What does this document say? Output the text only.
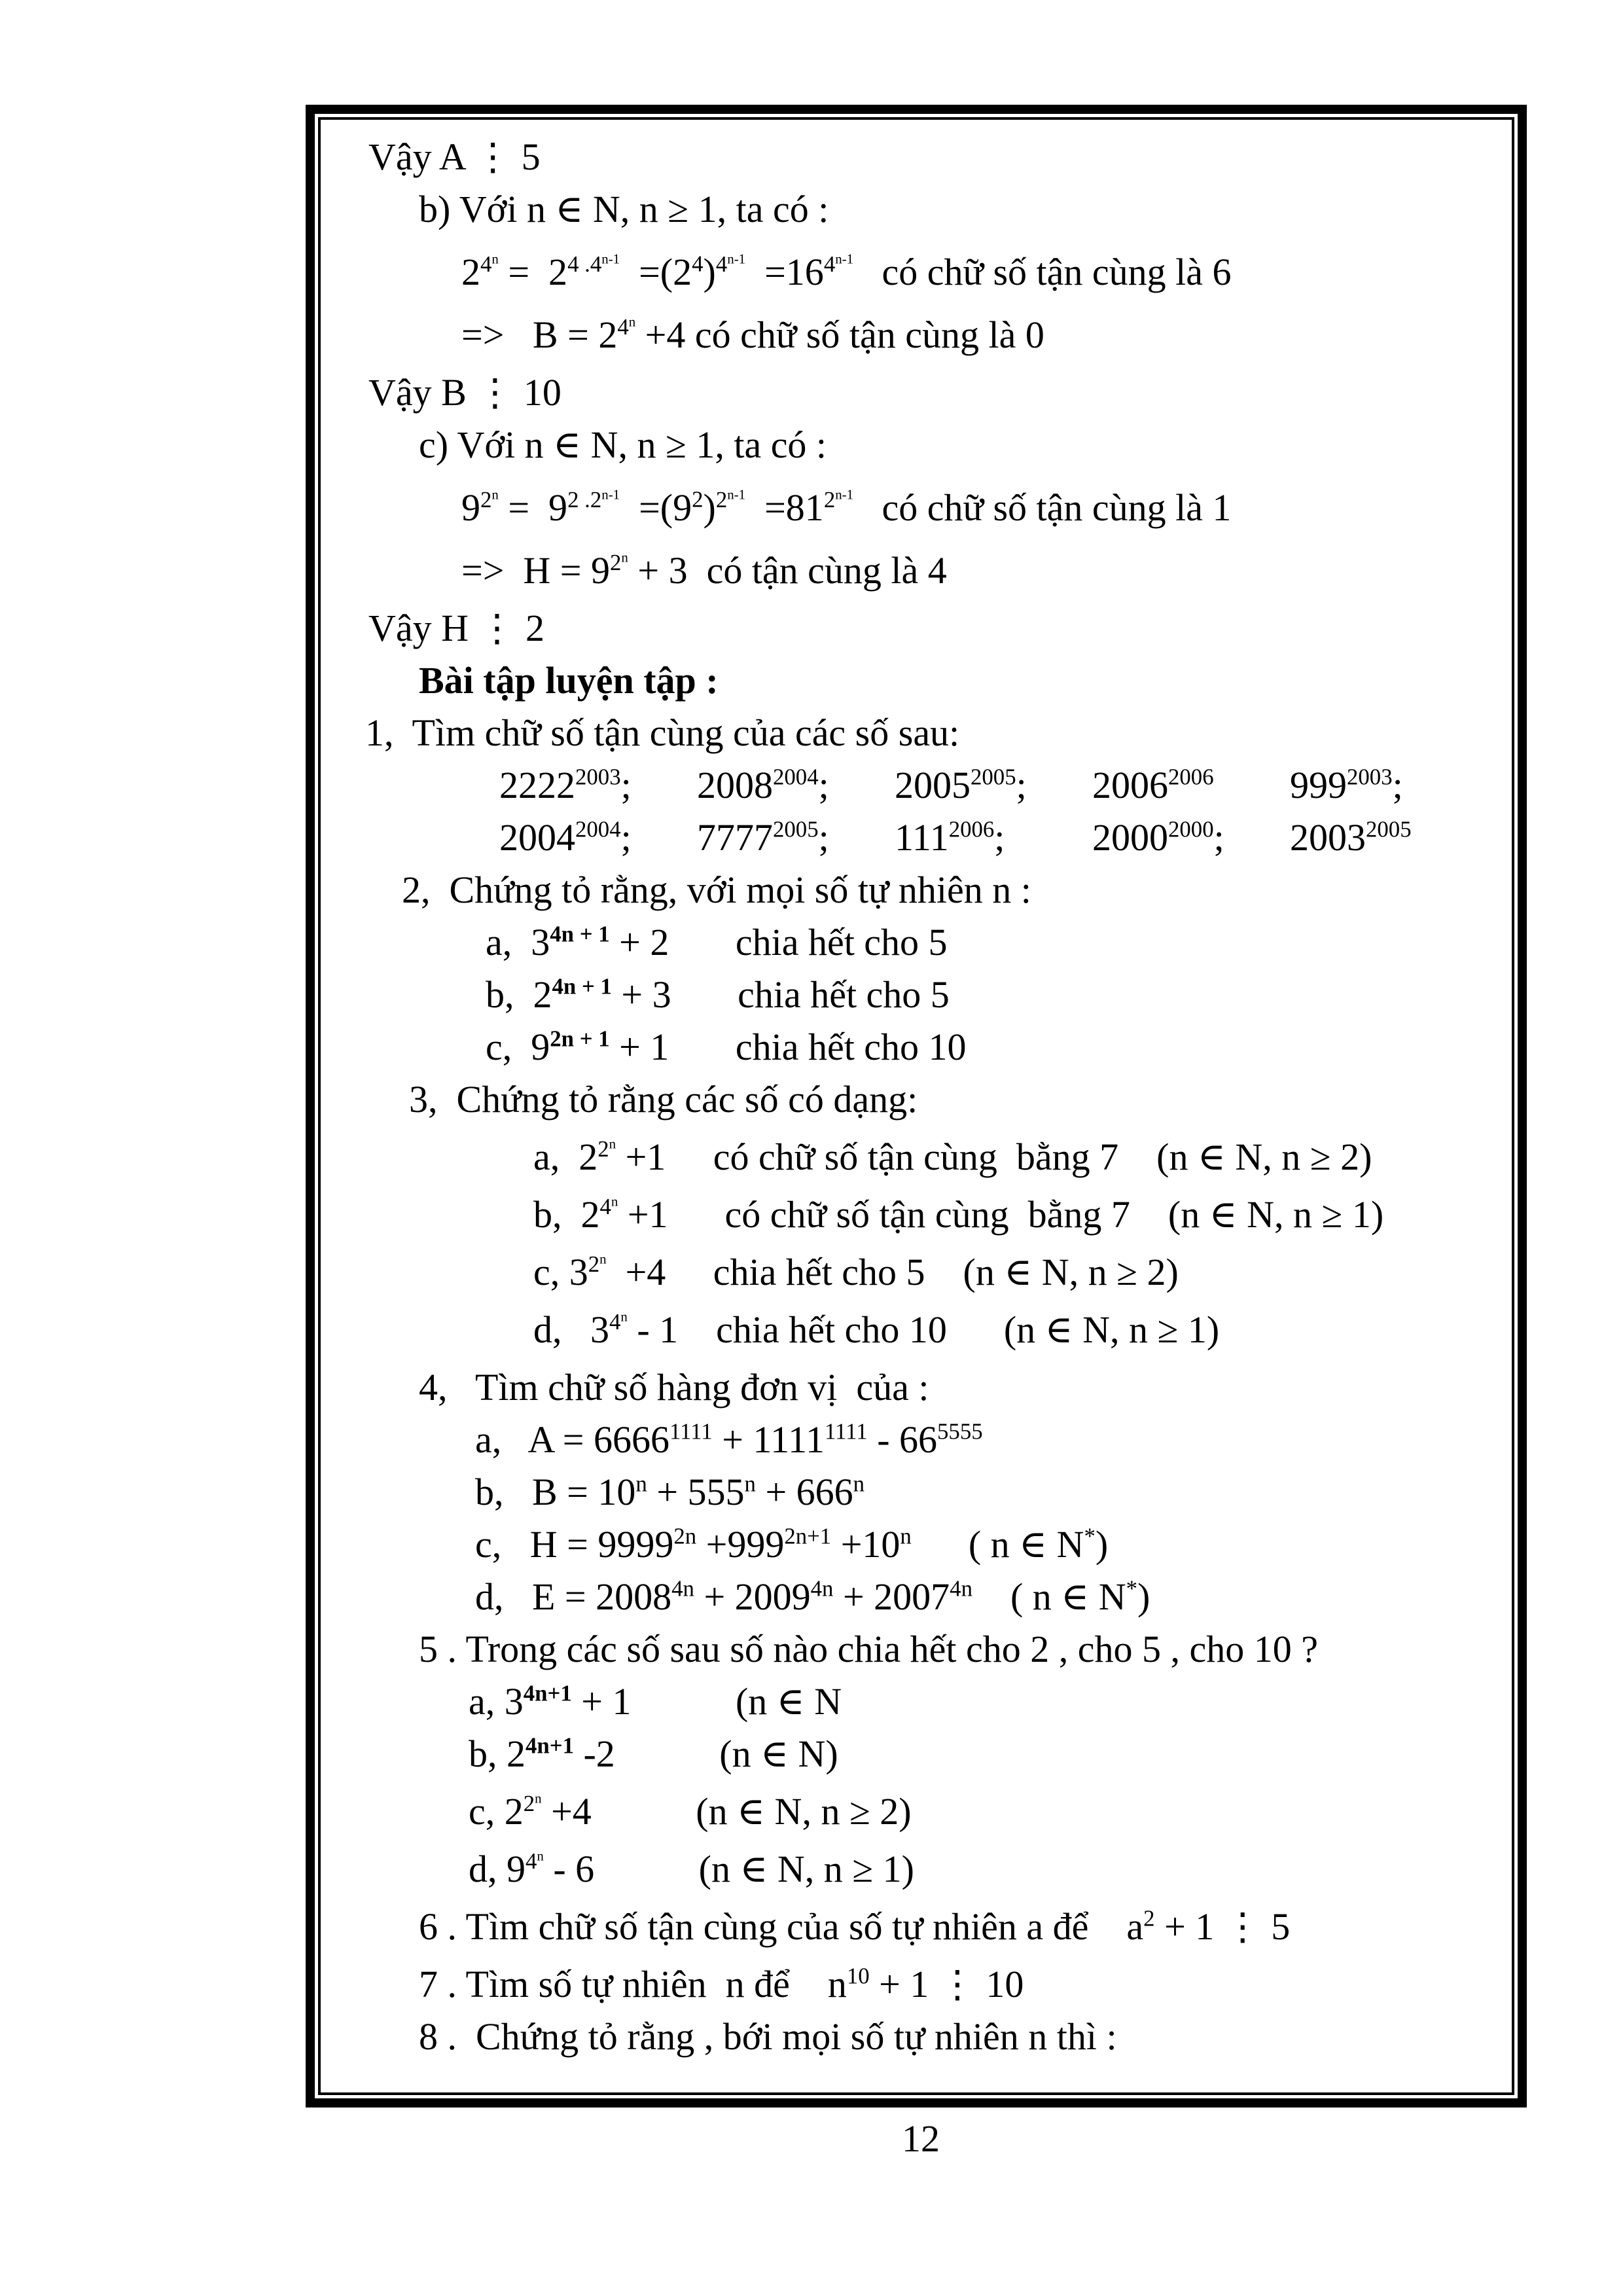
Vậy A ⋮ 5
b) Với n ∈ N, n ≥ 1, ta có :
$2^{4^n} = 2^{4 .4^{n-1}} =(2^4)^{4^{n-1}} =16^{4^{n-1}}$   có chữ số tận cùng là 6
=>   $B = 2^{4^n} +4$ có chữ số tận cùng là 0
Vậy B ⋮ 10
c) Với n ∈ N, n ≥ 1, ta có :
$9^{2^n} = 9^{2 .2^{n-1}} =(9^2)^{2^{n-1}} =81^{2^{n-1}}$   có chữ số tận cùng là 1
=>  $H = 9^{2^n} + 3$  có tận cùng là 4
Vậy H ⋮ 2
Bài tập luyện tập :
1,  Tìm chữ số tận cùng của các số sau:
$2222^{2003}$;	$2008^{2004}$;	$2005^{2005}$;	$2006^{2006}$	$999^{2003}$;
$2004^{2004}$;	$7777^{2005}$;	$111^{2006}$;	$2000^{2000}$;	$2003^{2005}$
2,  Chứng tỏ rằng, với mọi số tự nhiên n :
a,  $3^{4n + 1} + 2$       chia hết cho 5
b,  $2^{4n + 1} + 3$       chia hết cho 5
c,  $9^{2n + 1} + 1$       chia hết cho 10
3,  Chứng tỏ rằng các số có dạng:
a,  $2^{2^n} +1$     có chữ số tận cùng  bằng 7    (n ∈ N, n ≥ 2)
b,  $2^{4^n} +1$      có chữ số tận cùng  bằng 7    (n ∈ N, n ≥ 1)
c, $3^{2^n} +4$     chia hết cho 5    (n ∈ N, n ≥ 2)
d,   $3^{4^n} - 1$    chia hết cho 10      (n ∈ N, n ≥ 1)
4,   Tìm chữ số hàng đơn vị  của :
a,   $A = 6666^{1111} + 1111^{1111} - 66^{5555}$
b,   $B = 10^n + 555^n + 666^n$
c,   $H = 9999^{2n} +999^{2n+1} +10^n$      ( n ∈ N*)
d,   $E = 2008^{4n} + 2009^{4n} + 2007^{4n}$    ( n ∈ N*)
5 . Trong các số sau số nào chia hết cho 2 , cho 5 , cho 10 ?
a, $3^{4n+1} + 1$           (n ∈ N
b, $2^{4n+1}$ -2           (n ∈ N)
c, $2^{2^n} +4$           (n ∈ N, n ≥ 2)
d, $9^{4^n} - 6$           (n ∈ N, n ≥ 1)
6 . Tìm chữ số tận cùng của số tự nhiên a để    $a^2 + 1$ ⋮ 5
7 . Tìm số tự nhiên  n để    $n^{10} + 1$ ⋮ 10
8 .  Chứng tỏ rằng , bới mọi số tự nhiên n thì :
12
